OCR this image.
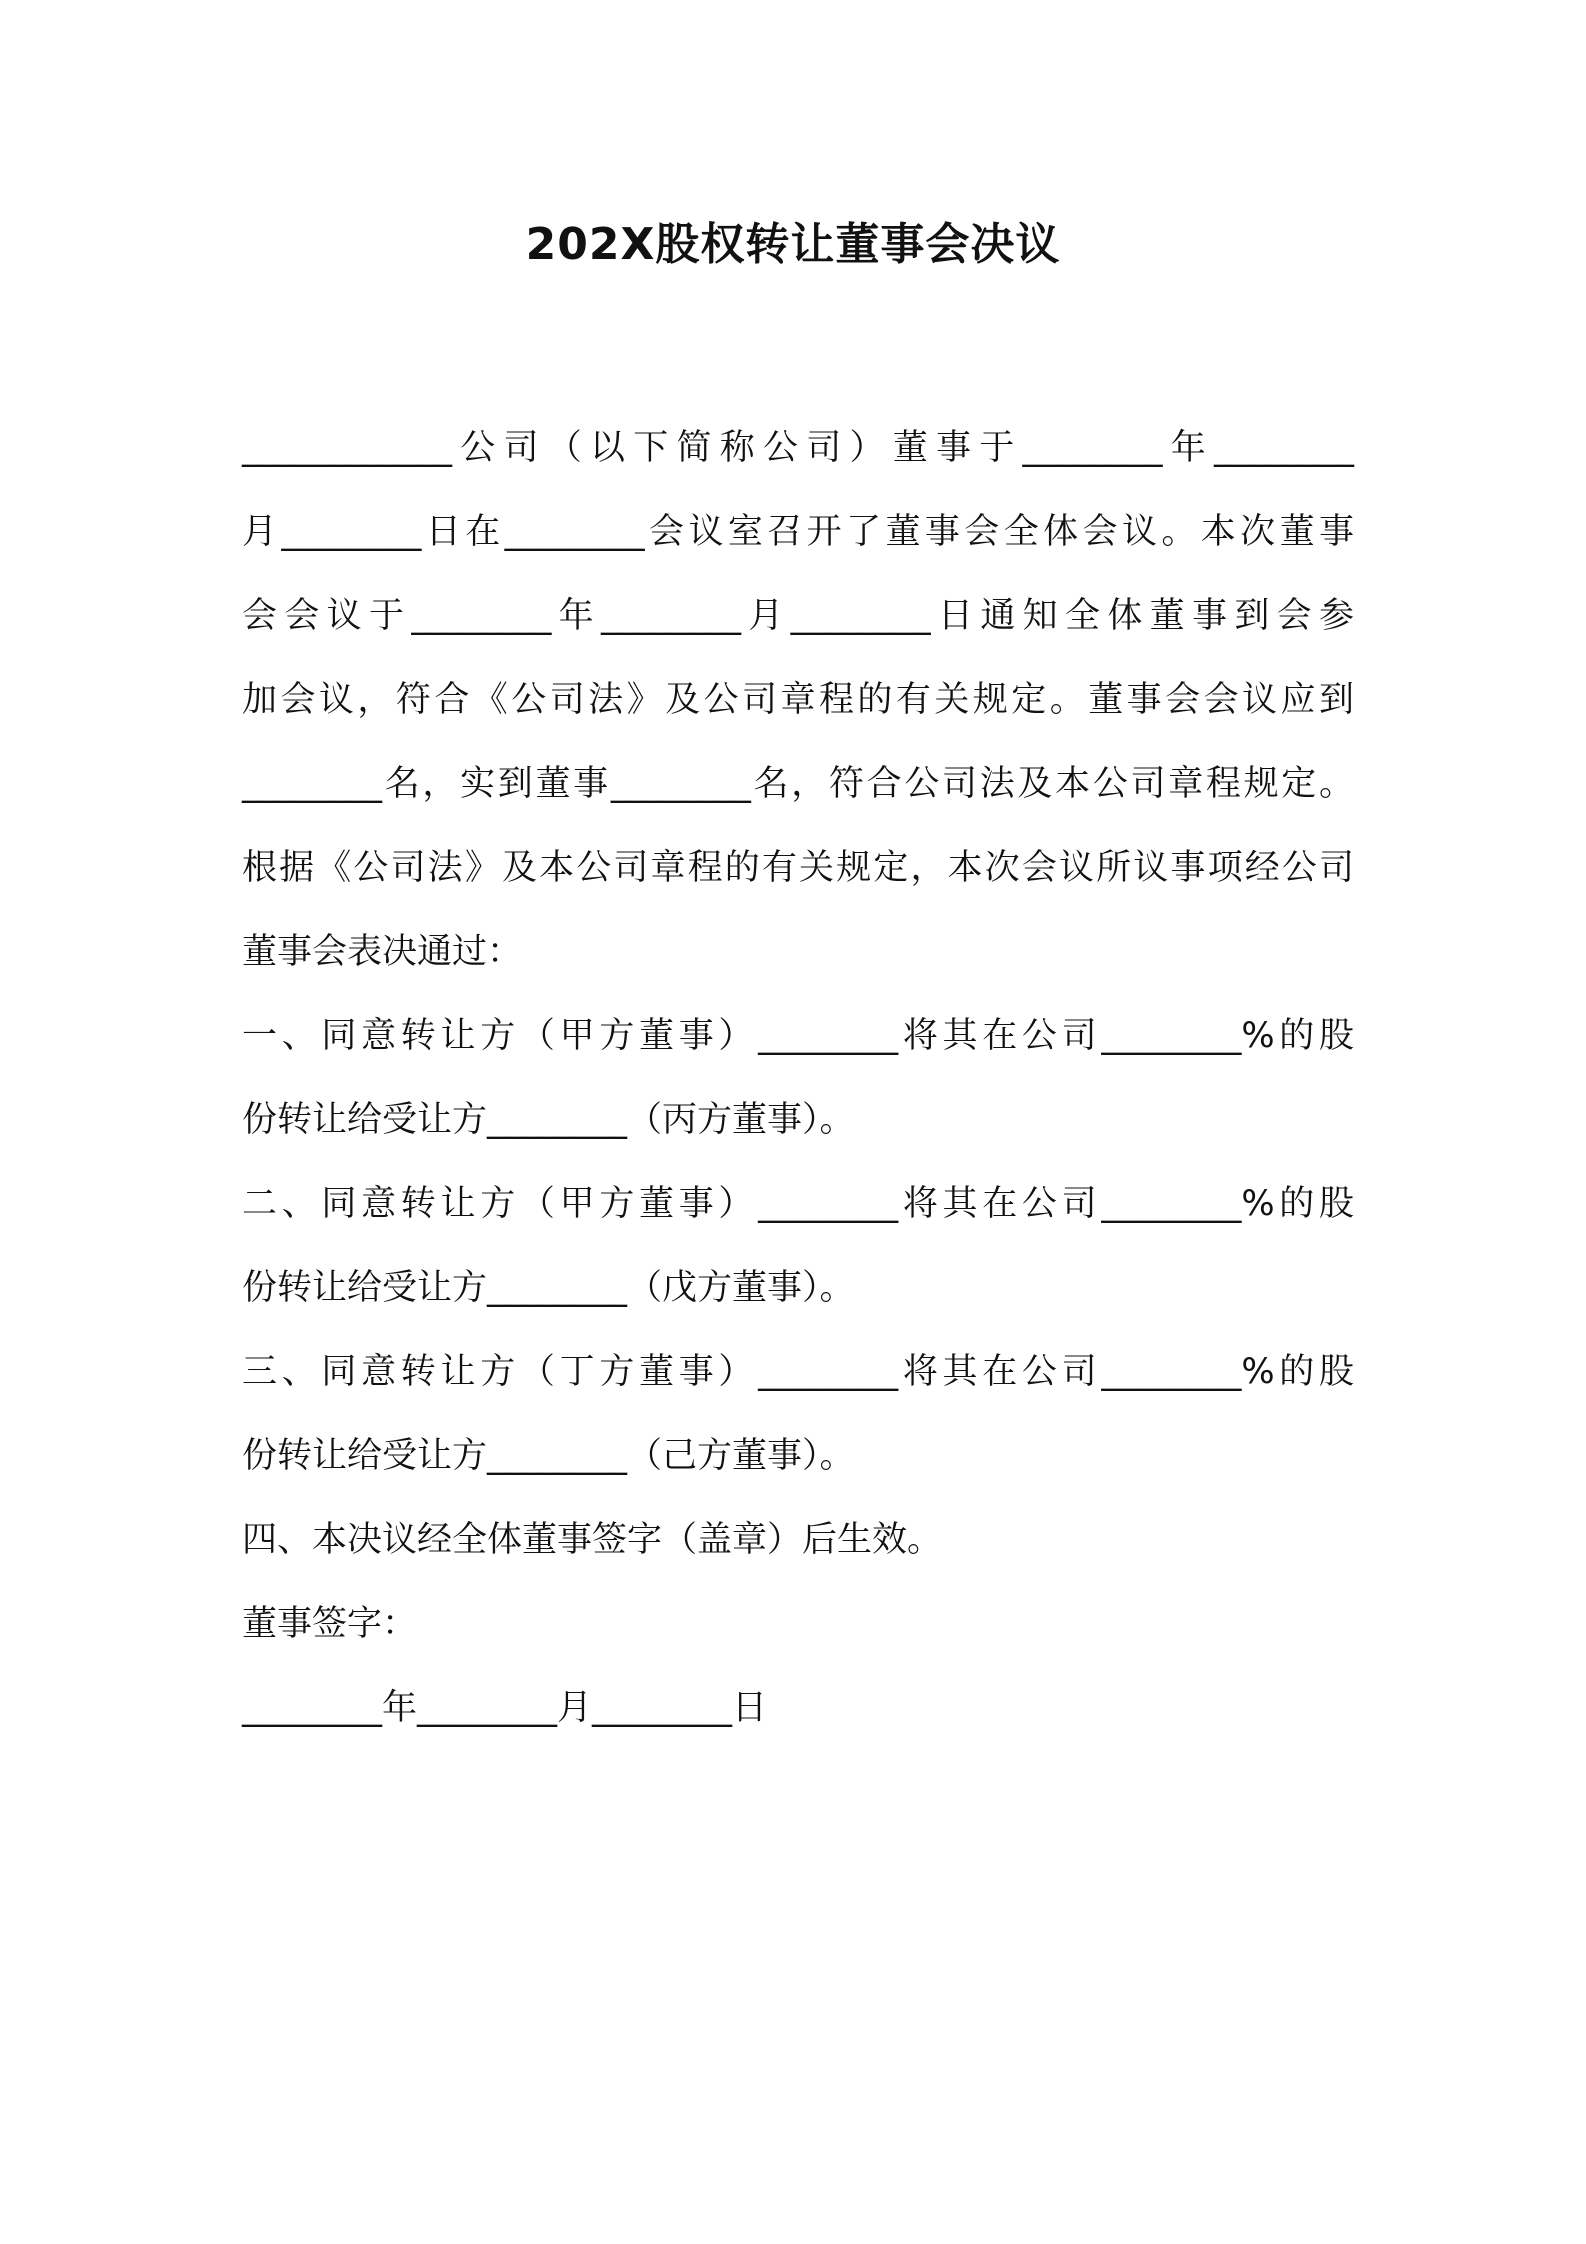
202X股权转让董事会决议
____________公司（以下简称公司）董事于________年________
月________日在________会议室召开了董事会全体会议。本次董事
会会议于________年________月________日通知全体董事到会参
加会议，符合《公司法》及公司章程的有关规定。董事会会议应到
________名，实到董事________名，符合公司法及本公司章程规定。
根据《公司法》及本公司章程的有关规定，本次会议所议事项经公司
董事会表决通过：
一、同意转让方（甲方董事）________将其在公司________%的股
份转让给受让方________（丙方董事）。
二、同意转让方（甲方董事）________将其在公司________%的股
份转让给受让方________（戊方董事）。
三、同意转让方（丁方董事）________将其在公司________%的股
份转让给受让方________（己方董事）。
四、本决议经全体董事签字（盖章）后生效。
董事签字：
________年________月________日
